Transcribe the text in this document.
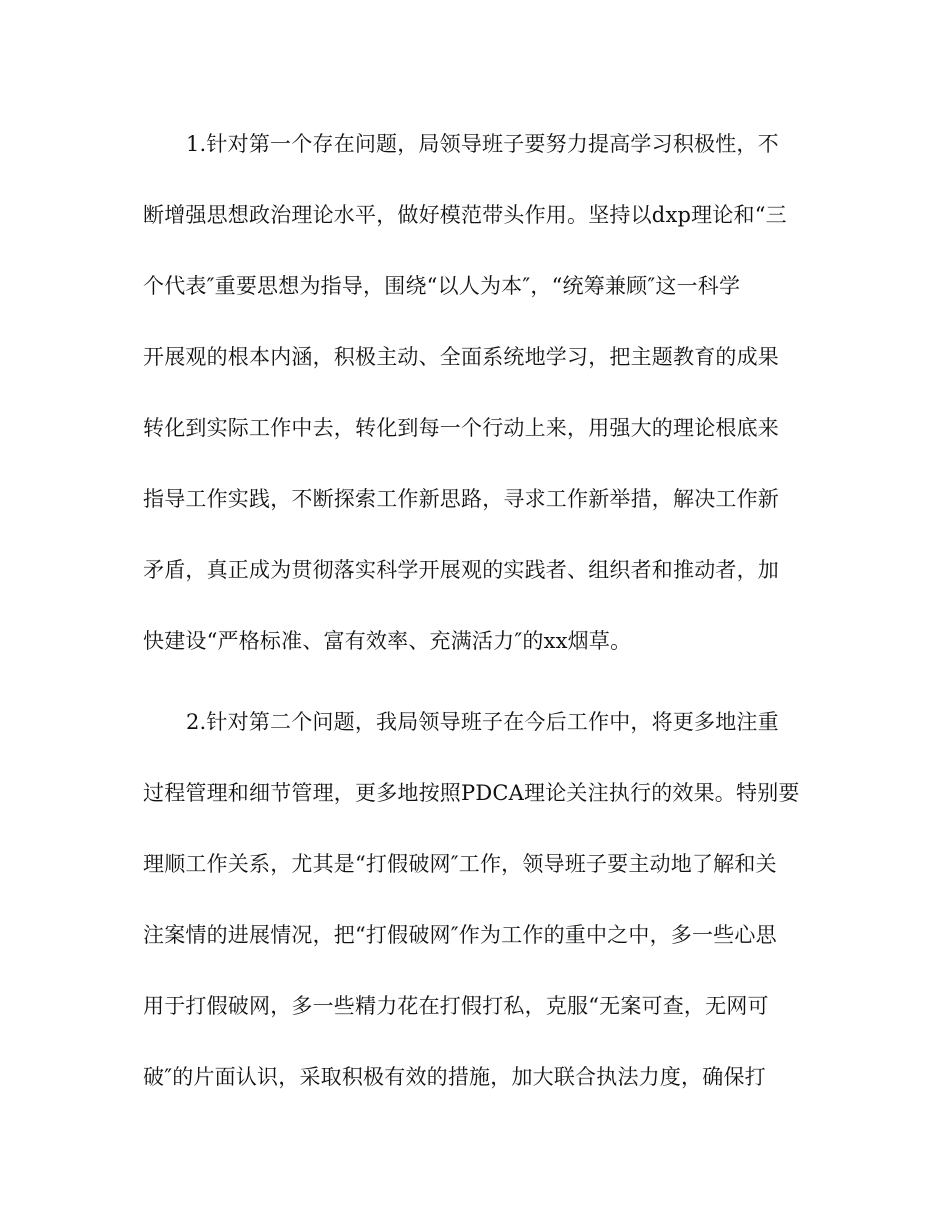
1.针对第一个存在问题，局领导班子要努力提高学习积极性，不
断增强思想政治理论水平，做好模范带头作用。坚持以dxp理论和“三
个代表″重要思想为指导，围绕“以人为本″，“统筹兼顾″这一科学
开展观的根本内涵，积极主动、全面系统地学习，把主题教育的成果
转化到实际工作中去，转化到每一个行动上来，用强大的理论根底来
指导工作实践，不断探索工作新思路，寻求工作新举措，解决工作新
矛盾，真正成为贯彻落实科学开展观的实践者、组织者和推动者，加
快建设“严格标准、富有效率、充满活力″的xx烟草。
2.针对第二个问题，我局领导班子在今后工作中，将更多地注重
过程管理和细节管理，更多地按照PDCA理论关注执行的效果。特别要
理顺工作关系，尤其是“打假破网″工作，领导班子要主动地了解和关
注案情的进展情况，把“打假破网″作为工作的重中之中，多一些心思
用于打假破网，多一些精力花在打假打私，克服“无案可查，无网可
破″的片面认识，采取积极有效的措施，加大联合执法力度，确保打
